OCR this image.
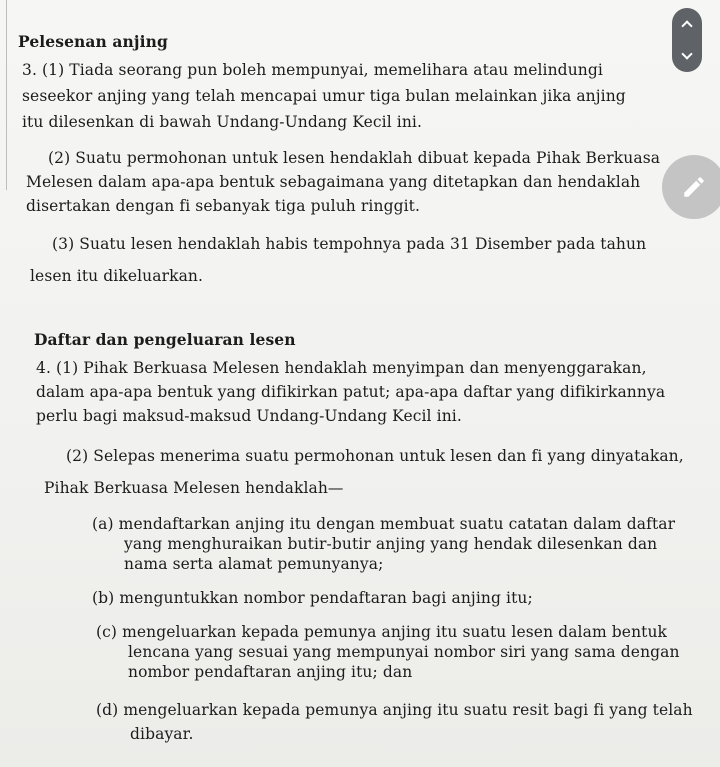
Pelesenan anjing
3. (1) Tiada seorang pun boleh mempunyai, memelihara atau melindungi
seseekor anjing yang telah mencapai umur tiga bulan melainkan jika anjing
itu dilesenkan di bawah Undang-Undang Kecil ini.
(2) Suatu permohonan untuk lesen hendaklah dibuat kepada Pihak Berkuasa
Melesen dalam apa-apa bentuk sebagaimana yang ditetapkan dan hendaklah
disertakan dengan fi sebanyak tiga puluh ringgit.
(3) Suatu lesen hendaklah habis tempohnya pada 31 Disember pada tahun
lesen itu dikeluarkan.
Daftar dan pengeluaran lesen
4. (1) Pihak Berkuasa Melesen hendaklah menyimpan dan menyenggarakan,
dalam apa-apa bentuk yang difikirkan patut; apa-apa daftar yang difikirkannya
perlu bagi maksud-maksud Undang-Undang Kecil ini.
(2) Selepas menerima suatu permohonan untuk lesen dan fi yang dinyatakan,
Pihak Berkuasa Melesen hendaklah—
(a) mendaftarkan anjing itu dengan membuat suatu catatan dalam daftar
yang menghuraikan butir-butir anjing yang hendak dilesenkan dan
nama serta alamat pemunyanya;
(b) menguntukkan nombor pendaftaran bagi anjing itu;
(c) mengeluarkan kepada pemunya anjing itu suatu lesen dalam bentuk
lencana yang sesuai yang mempunyai nombor siri yang sama dengan
nombor pendaftaran anjing itu; dan
(d) mengeluarkan kepada pemunya anjing itu suatu resit bagi fi yang telah
dibayar.
